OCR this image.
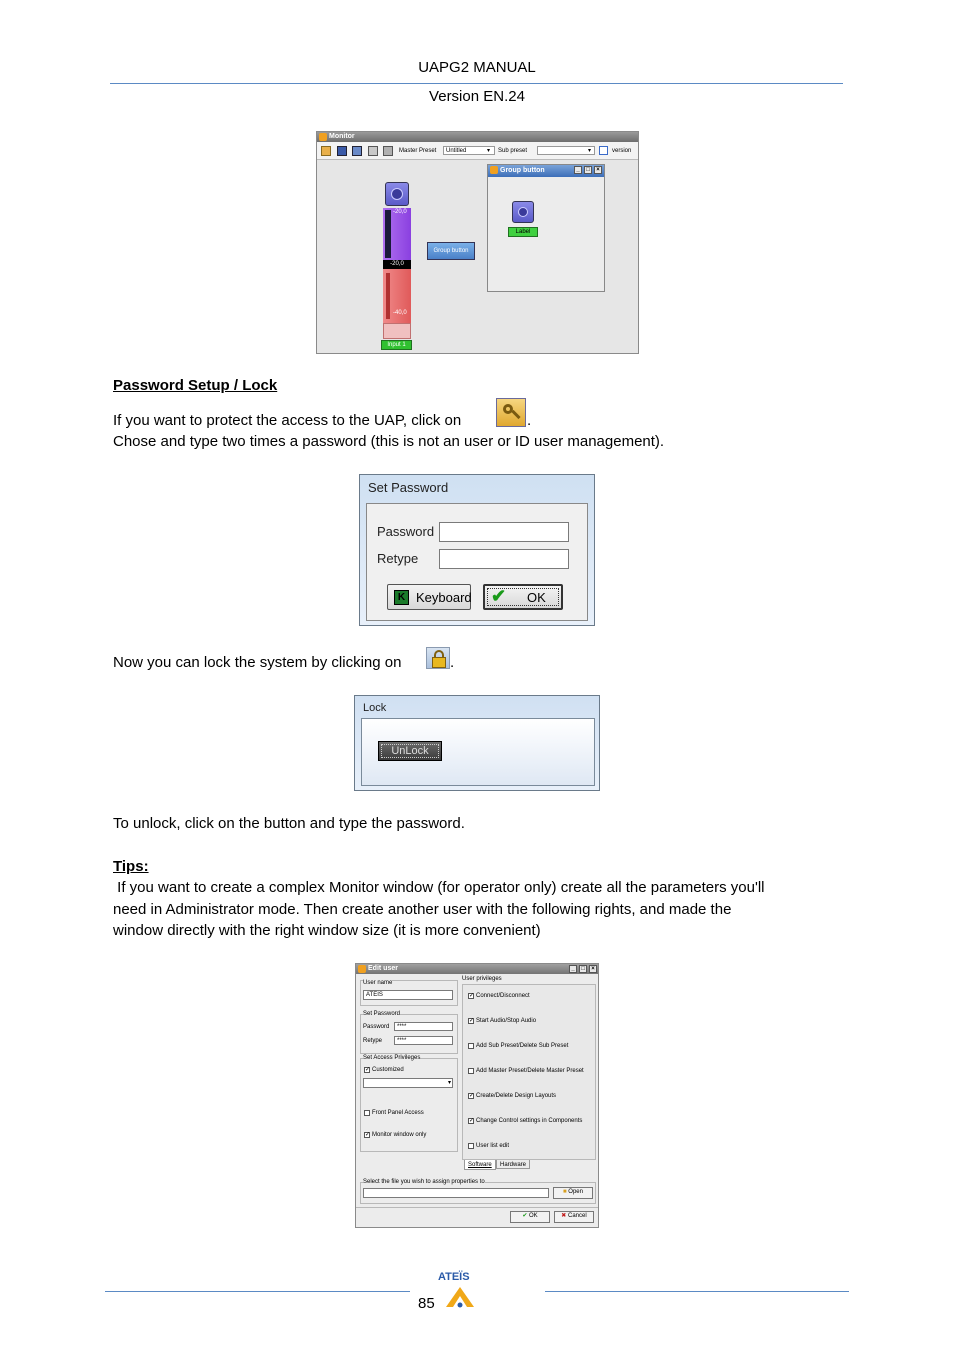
UAPG2 MANUAL
Version EN.24
Monitor
Master Preset	Untitled	▾ Sub preset	▾	version
-20,0
-20,0
-40,0
Input 1
Group button
Group button	_	□	×
Label
Password Setup / Lock
If you want to protect the access to the UAP, click on	.
Chose and type two times a password (this is not an user or ID user management).
Set Password
Password
Retype
K Keyboard ✔ OK
Now you can lock the system by clicking on	.
Lock
UnLock
To unlock, click on the button and type the password.
Tips:
If you want to create a complex Monitor window (for operator only) create all the parameters you'll
need in Administrator mode. Then create another user with the following rights, and made the
window directly with the right window size (it is more convenient)
Edit user	_	□	×
User name
ATEIS
Set Password
Password	****
Retype	****
Set Access Privileges
✓ Customized
▾
Front Panel Access
✓ Monitor window only
User privileges
Software	Hardware
Select the file you wish to assign properties to
■ Open
✔ OK	✖ Cancel
✓ Connect/Disconnect
✓ Start Audio/Stop Audio
Add Sub Preset/Delete Sub Preset
Add Master Preset/Delete Master Preset
✓ Create/Delete Design Layouts
✓ Change Control settings in Components
User list edit
ATEÏS
85
